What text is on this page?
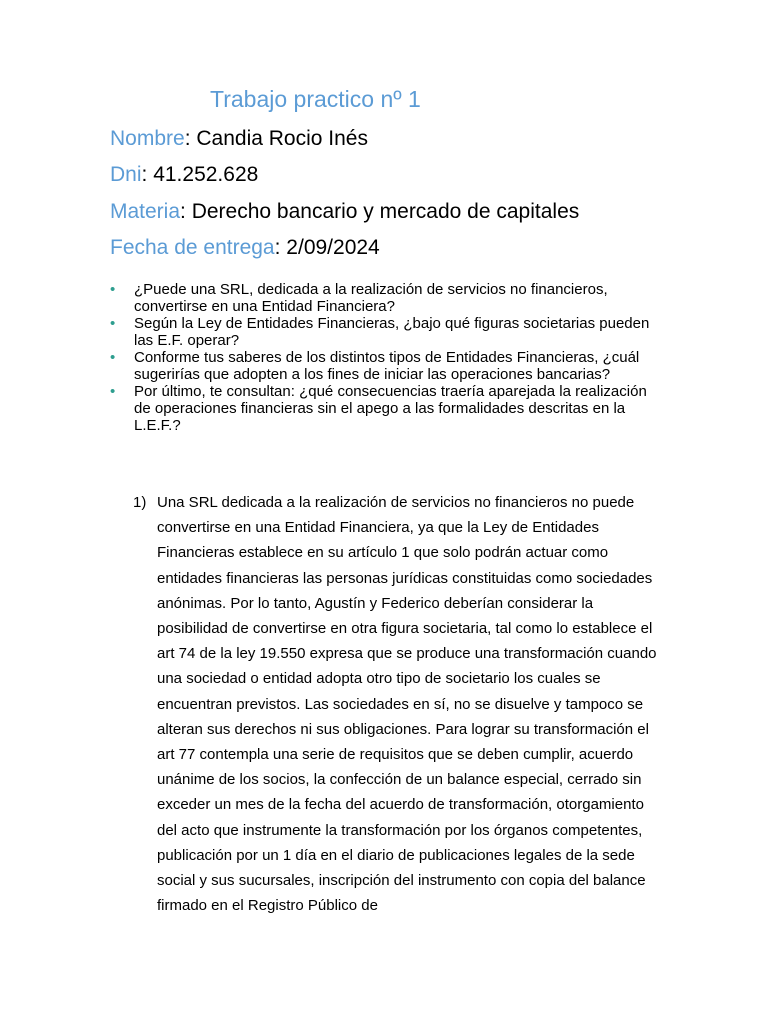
Trabajo practico nº 1
Nombre: Candia Rocio Inés
Dni: 41.252.628
Materia: Derecho bancario y mercado de capitales
Fecha de entrega: 2/09/2024
•	¿Puede una SRL, dedicada a la realización de servicios no financieros, convertirse en una Entidad Financiera?
•	Según la Ley de Entidades Financieras, ¿bajo qué figuras societarias pueden las E.F. operar?
•	Conforme tus saberes de los distintos tipos de Entidades Financieras, ¿cuál sugerirías que adopten a los fines de iniciar las operaciones bancarias?
•	Por último, te consultan: ¿qué consecuencias traería aparejada la realización de operaciones financieras sin el apego a las formalidades descritas en la L.E.F.?
1) Una SRL dedicada a la realización de servicios no financieros no puede convertirse en una Entidad Financiera, ya que la Ley de Entidades Financieras establece en su artículo 1 que solo podrán actuar como entidades financieras las personas jurídicas constituidas como sociedades anónimas. Por lo tanto, Agustín y Federico deberían considerar la posibilidad de convertirse en otra figura societaria, tal como lo establece el art 74 de la ley 19.550 expresa que se produce una transformación cuando una sociedad o entidad adopta otro tipo de societario los cuales se encuentran previstos. Las sociedades en sí, no se disuelve y tampoco se alteran sus derechos ni sus obligaciones. Para lograr su transformación el art 77 contempla una serie de requisitos que se deben cumplir, acuerdo unánime de los socios, la confección de un balance especial, cerrado sin exceder un mes de la fecha del acuerdo de transformación, otorgamiento del acto que instrumente la transformación por los órganos competentes, publicación por un 1 día en el diario de publicaciones legales de la sede social y sus sucursales, inscripción del instrumento con copia del balance firmado en el Registro Público de
